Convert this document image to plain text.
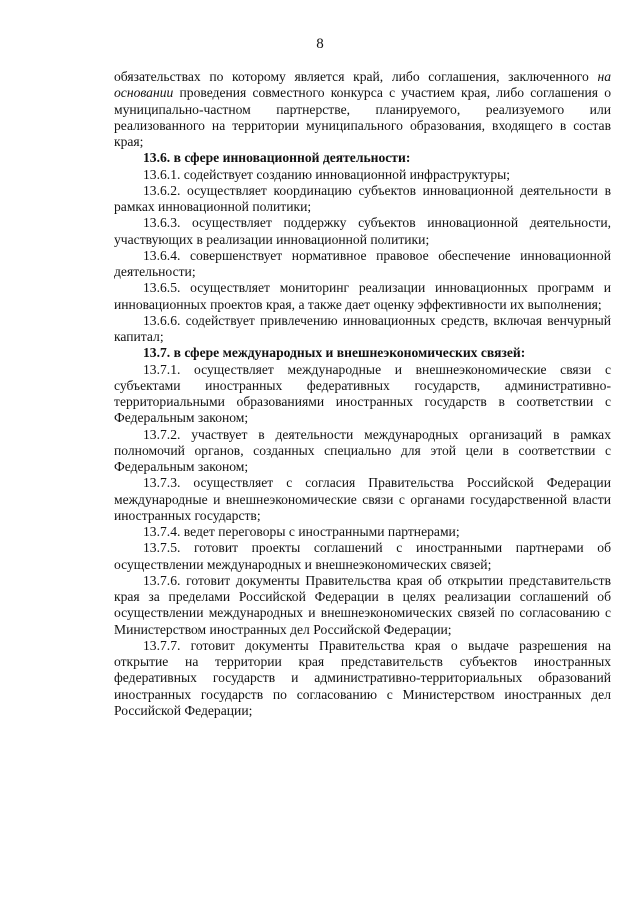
8

обязательствах по которому является край, либо соглашения, заключенного на основании проведения совместного конкурса с участием края, либо соглашения о муниципально-частном партнерстве, планируемого, реализуемого или реализованного на территории муниципального образования, входящего в состав края;

13.6. в сфере инновационной деятельности:

13.6.1. содействует созданию инновационной инфраструктуры;

13.6.2. осуществляет координацию субъектов инновационной деятельности в рамках инновационной политики;

13.6.3. осуществляет поддержку субъектов инновационной деятельности, участвующих в реализации инновационной политики;

13.6.4. совершенствует нормативное правовое обеспечение инновационной деятельности;

13.6.5. осуществляет мониторинг реализации инновационных программ и инновационных проектов края, а также дает оценку эффективности их выполнения;

13.6.6. содействует привлечению инновационных средств, включая венчурный капитал;

13.7. в сфере международных и внешнеэкономических связей:

13.7.1. осуществляет международные и внешнеэкономические связи с субъектами иностранных федеративных государств, административно-территориальными образованиями иностранных государств в соответствии с Федеральным законом;

13.7.2. участвует в деятельности международных организаций в рамках полномочий органов, созданных специально для этой цели в соответствии с Федеральным законом;

13.7.3. осуществляет с согласия Правительства Российской Федерации международные и внешнеэкономические связи с органами государственной власти иностранных государств;

13.7.4. ведет переговоры с иностранными партнерами;

13.7.5. готовит проекты соглашений с иностранными партнерами об осуществлении международных и внешнеэкономических связей;

13.7.6. готовит документы Правительства края об открытии представительств края за пределами Российской Федерации в целях реализации соглашений об осуществлении международных и внешнеэкономических связей по согласованию с Министерством иностранных дел Российской Федерации;

13.7.7. готовит документы Правительства края о выдаче разрешения на открытие на территории края представительств субъектов иностранных федеративных государств и административно-территориальных образований иностранных государств по согласованию с Министерством иностранных дел Российской Федерации;
